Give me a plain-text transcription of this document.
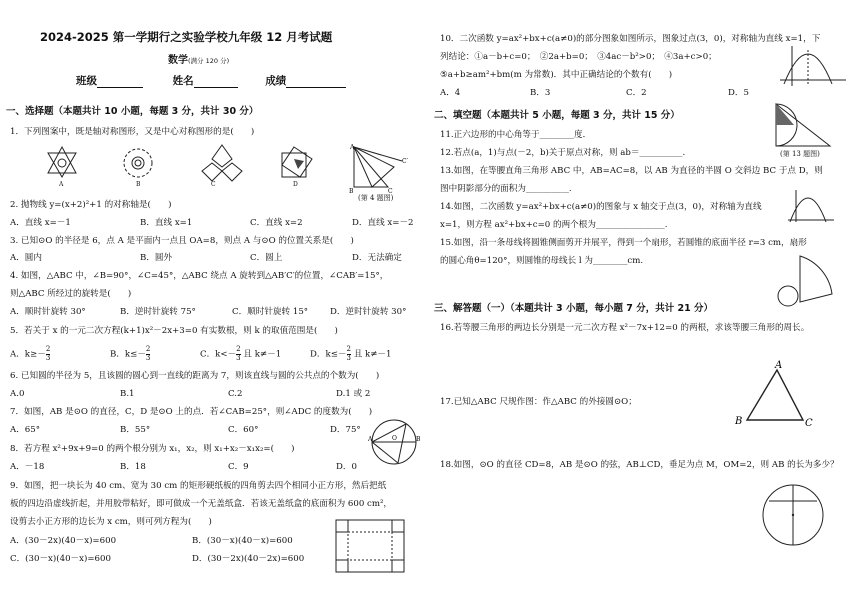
2024-2025 第一学期行之实验学校九年级 12 月考试题
数学(满分 120 分)
班级	姓名	成绩
一、选择题（本题共计 10 小题，每题 3 分，共计 30 分）
1．下列图案中，既是轴对称图形，又是中心对称图形的是(　　)
A	B	C	D
A
B	C
C′
(第 4 题图)
2. 抛物线 y=(x+2)²+1 的对称轴是(　　)
A．直线 x=－1	B．直线 x=1	C．直线 x=2	D．直线 x=－2
3. 已知⊙O 的半径是 6，点 A 是平面内一点且 OA=8，则点 A 与⊙O 的位置关系是(　　)
A．圆内	B．圆外	C．圆上	D．无法确定
4. 如图，△ABC 中，∠B=90°，∠C=45°，△ABC 绕点 A 旋转到△AB′C′的位置，∠CAB′=15°，
则△ABC 所经过的旋转是(　　)
A．顺时针旋转 30°	B．逆时针旋转 75°	C．顺时针旋转 15°	D．逆时针旋转 30°
5．若关于 x 的一元二次方程(k+1)x²－2x+3=0 有实数根，则 k 的取值范围是(　　)
A．$k\ge- \frac{2}{3}$	B．$k\le- \frac{2}{3}$	C．$k<- \frac{2}{3}$ 且 k≠－1	D．$k\le- \frac{2}{3}$ 且 k≠－1
6. 已知圆的半径为 5，且该圆的圆心到一直线的距离为 7，则该直线与圆的公共点的个数为(　　)
A.0	B.1	C.2	D.1 或 2
7．如图，AB 是⊙O 的直径，C，D 是⊙O 上的点．若∠CAB=25°，则∠ADC 的度数为(　　)
A．65°	B．55°	C．60°	D．75°
A	O	B
8．若方程 x²+9x+9=0 的两个根分别为 x₁，x₂，则 x₁+x₂－x₁x₂=(　　)
A．－18	B．18	C．9	D．0
9．如图，把一块长为 40 cm、宽为 30 cm 的矩形硬纸板的四角剪去四个相同小正方形，然后把纸
板的四边沿虚线折起，并用胶带粘好，即可做成一个无盖纸盒．若该无盖纸盒的底面积为 600 cm²，
设剪去小正方形的边长为 x cm，则可列方程为(　　)
A．(30－2x)(40－x)=600	B．(30－x)(40－x)=600
C．(30－x)(40－x)=600	D．(30－2x)(40－2x)=600
10．二次函数 y=ax²+bx+c(a≠0)的部分图象如图所示，图象过点(3，0)，对称轴为直线 x=1，下
列结论：①a－b+c=0；　②2a+b=0；　③4ac－b²>0；　④3a+c>0；
⑤a+b≥am²+bm(m 为常数)．其中正确结论的个数有(　　)
A．4	B．3	C．2	D．5
二、填空题（本题共计 5 小题，每题 3 分，共计 15 分）
11.正六边形的中心角等于________度．
12.若点(a，1)与点(－2，b)关于原点对称，则 ab＝__________.
13.如图，在等腰直角三角形 ABC 中，AB=AC=8，以 AB 为直径的半圆 O 交斜边 BC 于点 D，则
图中阴影部分的面积为__________.
14.如图，二次函数 y=ax²+bx+c(a≠0)的图象与 x 轴交于点(3，0)，对称轴为直线
x=1，则方程 ax²+bx+c=0 的两个根为________________.
15.如图，沿一条母线将圆锥侧面剪开并展平，得到一个扇形，若圆锥的底面半径 r=3 cm，扇形
的圆心角θ=120°，则圆锥的母线长 l 为________cm.
(第 13 题图)
三、解答题（一）（本题共计 3 小题，每小题 7 分，共计 21 分）
16.若等腰三角形的两边长分别是一元二次方程 x²－7x+12=0 的两根，求该等腰三角形的周长。
17.已知△ABC 尺规作图：作△ABC 的外接圆⊙O；
A
B	C
18.如图，⊙O 的直径 CD=8，AB 是⊙O 的弦，AB⊥CD，垂足为点 M，OM=2，则 AB 的长为多少？
